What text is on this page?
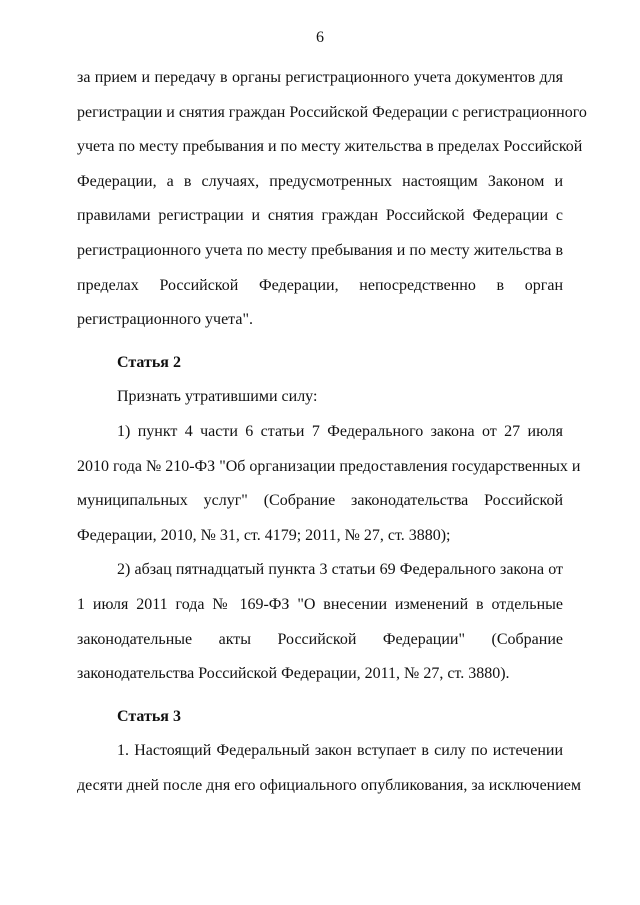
6
за прием и передачу в органы регистрационного учета документов для
регистрации и снятия граждан Российской Федерации с регистрационного
учета по месту пребывания и по месту жительства в пределах Российской
Федерации, а в случаях, предусмотренных настоящим Законом и
правилами регистрации и снятия граждан Российской Федерации с
регистрационного учета по месту пребывания и по месту жительства в
пределах Российской Федерации, непосредственно в орган
регистрационного учета".
Статья 2
Признать утратившими силу:
1) пункт 4 части 6 статьи 7 Федерального закона от 27 июля
2010 года № 210-ФЗ "Об организации предоставления государственных и
муниципальных услуг" (Собрание законодательства Российской
Федерации, 2010, № 31, ст. 4179; 2011, № 27, ст. 3880);
2) абзац пятнадцатый пункта 3 статьи 69 Федерального закона от
1 июля 2011 года № 169-ФЗ "О внесении изменений в отдельные
законодательные акты Российской Федерации" (Собрание
законодательства Российской Федерации, 2011, № 27, ст. 3880).
Статья 3
1. Настоящий Федеральный закон вступает в силу по истечении
десяти дней после дня его официального опубликования, за исключением
